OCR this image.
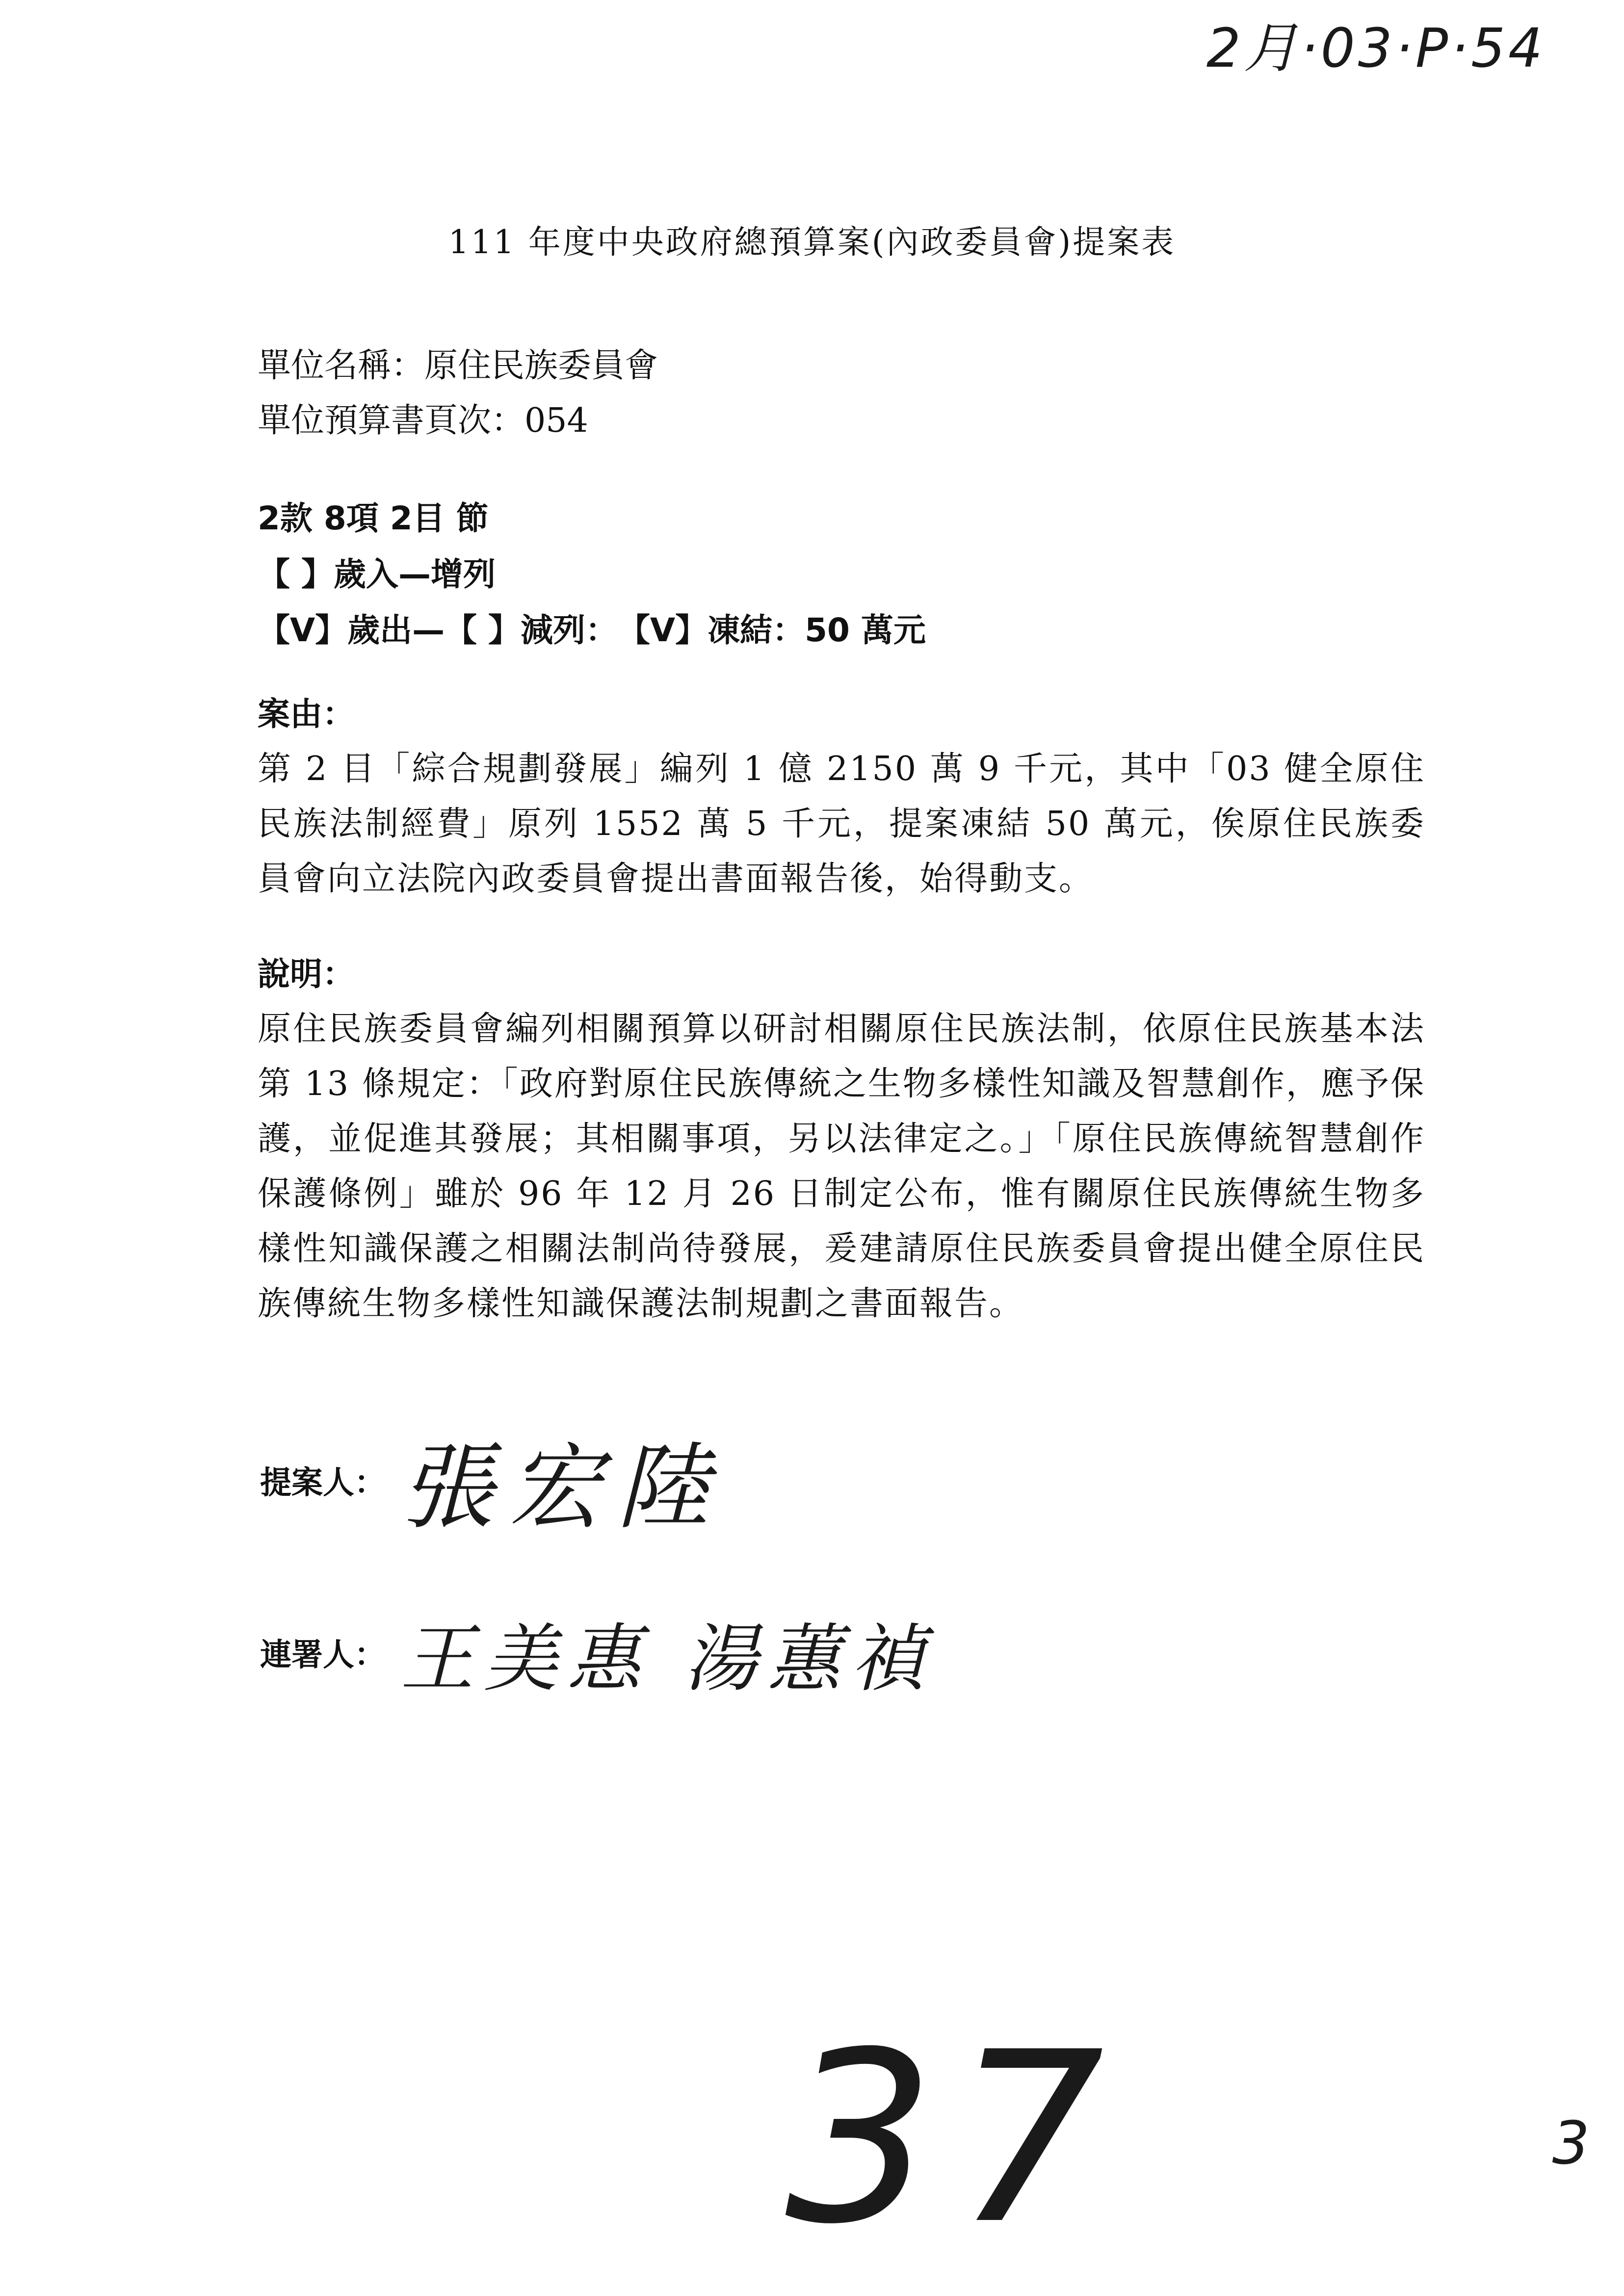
2月·03·P·54
111 年度中央政府總預算案(內政委員會)提案表
單位名稱：原住民族委員會
單位預算書頁次：054
2款 8項 2目 節
【 】歲入—增列
【V】歲出—【 】減列：　【V】凍結：50 萬元
案由：

第 2 目「綜合規劃發展」編列 1 億 2150 萬 9 千元，其中「03 健全原住民族法制經費」原列 1552 萬 5 千元，提案凍結 50 萬元，俟原住民族委員會向立法院內政委員會提出書面報告後，始得動支。

說明：

原住民族委員會編列相關預算以研討相關原住民族法制，依原住民族基本法第 13 條規定：「政府對原住民族傳統之生物多樣性知識及智慧創作，應予保護，並促進其發展；其相關事項，另以法律定之。」「原住民族傳統智慧創作保護條例」雖於 96 年 12 月 26 日制定公布，惟有關原住民族傳統生物多樣性知識保護之相關法制尚待發展，爰建請原住民族委員會提出健全原住民族傳統生物多樣性知識保護法制規劃之書面報告。

提案人： 張宏陸
連署人： 王美惠 湯蕙禎
37	3
